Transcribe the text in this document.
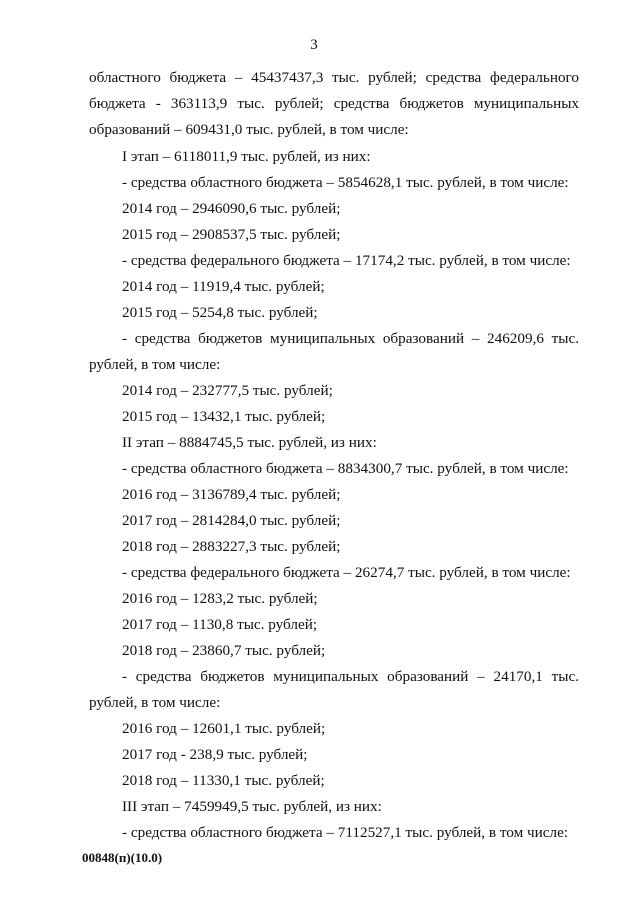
3
областного бюджета – 45437437,3 тыс. рублей; средства федерального
бюджета - 363113,9 тыс. рублей; средства бюджетов муниципальных
образований – 609431,0 тыс. рублей, в том числе:
I этап – 6118011,9 тыс. рублей, из них:
- средства областного бюджета – 5854628,1 тыс. рублей, в том числе:
2014 год – 2946090,6 тыс. рублей;
2015 год – 2908537,5 тыс. рублей;
- средства федерального бюджета – 17174,2 тыс. рублей, в том числе:
2014 год – 11919,4 тыс. рублей;
2015 год – 5254,8 тыс. рублей;
- средства бюджетов муниципальных образований – 246209,6 тыс.
рублей, в том числе:
2014 год – 232777,5 тыс. рублей;
2015 год – 13432,1 тыс. рублей;
II этап – 8884745,5 тыс. рублей, из них:
- средства областного бюджета – 8834300,7 тыс. рублей, в том числе:
2016 год – 3136789,4 тыс. рублей;
2017 год – 2814284,0 тыс. рублей;
2018 год – 2883227,3 тыс. рублей;
- средства федерального бюджета – 26274,7 тыс. рублей, в том числе:
2016 год – 1283,2 тыс. рублей;
2017 год – 1130,8 тыс. рублей;
2018 год – 23860,7 тыс. рублей;
- средства бюджетов муниципальных образований – 24170,1 тыс.
рублей, в том числе:
2016 год – 12601,1 тыс. рублей;
2017 год - 238,9 тыс. рублей;
2018 год – 11330,1 тыс. рублей;
III этап – 7459949,5 тыс. рублей, из них:
- средства областного бюджета – 7112527,1 тыс. рублей, в том числе:
00848(п)(10.0)
